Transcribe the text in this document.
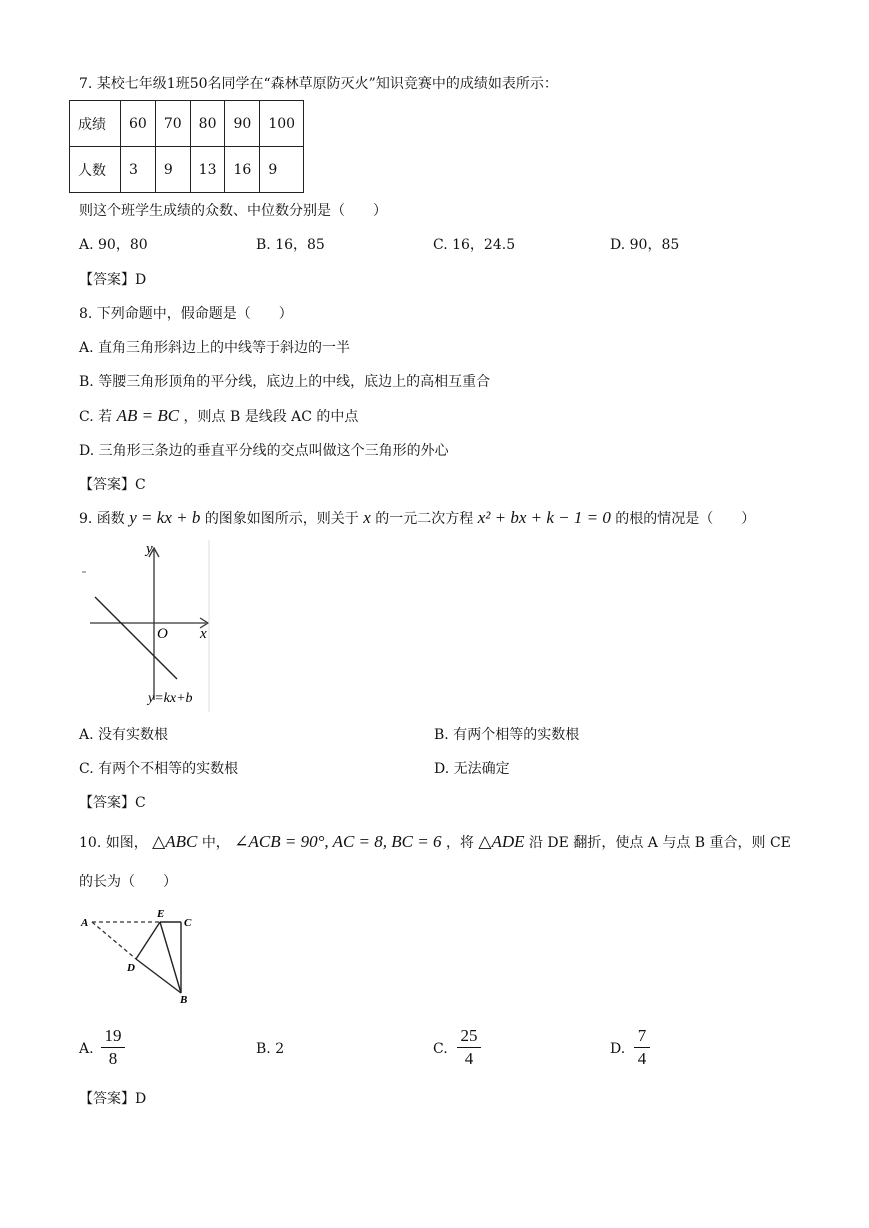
7. 某校七年级1班50名同学在“森林草原防灭火”知识竞赛中的成绩如表所示：
成绩	60	70	80	90	100
人数	3	9	13	16	9
则这个班学生成绩的众数、中位数分别是（　　）
A. 90，80	B. 16，85	C. 16，24.5	D. 90，85
【答案】D
8. 下列命题中，假命题是（　　）
A. 直角三角形斜边上的中线等于斜边的一半
B. 等腰三角形顶角的平分线，底边上的中线，底边上的高相互重合
C. 若 AB = BC ，则点 B 是线段 AC 的中点
D. 三角形三条边的垂直平分线的交点叫做这个三角形的外心
【答案】C
9. 函数 y = kx + b 的图象如图所示，则关于 x 的一元二次方程 x² + bx + k − 1 = 0 的根的情况是（　　）
y
x
O
y=kx+b
A. 没有实数根	B. 有两个相等的实数根
C. 有两个不相等的实数根	D. 无法确定
【答案】C
10. 如图， △ABC 中， ∠ACB = 90°, AC = 8, BC = 6 ，将 △ADE 沿 DE 翻折，使点 A 与点 B 重合，则 CE
的长为（　　）
A
E
C
D
B
A.
19
8	B. 2	C.
25
4	D.
7
4
【答案】D
